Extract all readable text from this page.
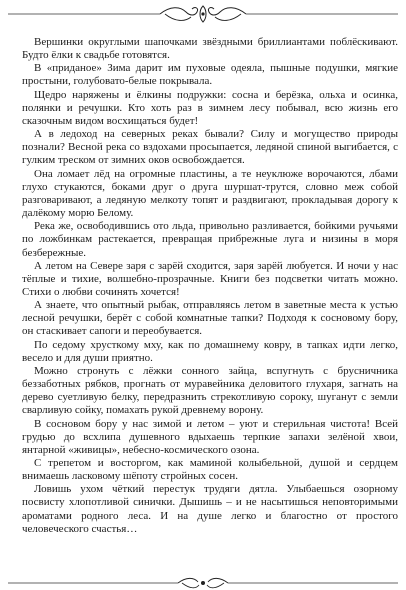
Вершинки округлыми шапочками звёздными бриллиантами поблёскивают. Будто ёлки к свадьбе готовятся.

В «приданое» Зима дарит им пуховые одеяла, пышные подушки, мягкие простыни, голубовато-белые покрывала.

Щедро наряжены и ёлкины подружки: сосна и берёзка, ольха и осинка, полянки и речушки. Кто хоть раз в зимнем лесу побывал, всю жизнь его сказочным видом восхищаться будет!

А в ледоход на северных реках бывали? Силу и могущество природы познали? Весной река со вздохами просыпается, ледяной спиной выгибается, с гулким треском от зимних оков освобождается.

Она ломает лёд на огромные пластины, а те неуклюже ворочаются, лбами глухо стукаются, боками друг о друга шуршат-трутся, словно меж собой разговаривают, а ледяную мелкоту топят и раздвигают, прокладывая дорогу к далёкому морю Белому.

Река же, освободившись ото льда, привольно разливается, бойкими ручьями по ложбинкам растекается, превращая прибрежные луга и низины в моря безбережные.

А летом на Севере заря с зарёй сходится, заря зарёй любуется. И ночи у нас тёплые и тихие, волшебно-прозрачные. Книги без подсветки читать можно. Стихи о любви сочинять хочется!

А знаете, что опытный рыбак, отправляясь летом в заветные места к устью лесной речушки, берёт с собой комнатные тапки? Подходя к сосновому бору, он стаскивает сапоги и переобувается.

По седому хрусткому мху, как по домашнему ковру, в тапках идти легко, весело и для души приятно.

Можно стронуть с лёжки сонного зайца, вспугнуть с брусничника беззаботных рябков, прогнать от муравейника деловитого глухаря, загнать на дерево суетливую белку, передразнить стрекотливую сороку, шуганут с земли сварливую сойку, помахать рукой древнему ворону.

В сосновом бору у нас зимой и летом – уют и стерильная чистота! Всей грудью до всхлипа душевного вдыхаешь терпкие запахи зелёной хвои, янтарной «живицы», небесно-космического озона.

С трепетом и восторгом, как маминой колыбельной, душой и сердцем внимаешь ласковому шёпоту стройных сосен.

Ловишь ухом чёткий перестук трудяги дятла. Улыбаешься озорному посвисту хлопотливой синички. Дышишь – и не насытишься неповторимыми ароматами родного леса. И на душе легко и благостно от простого человеческого счастья…
